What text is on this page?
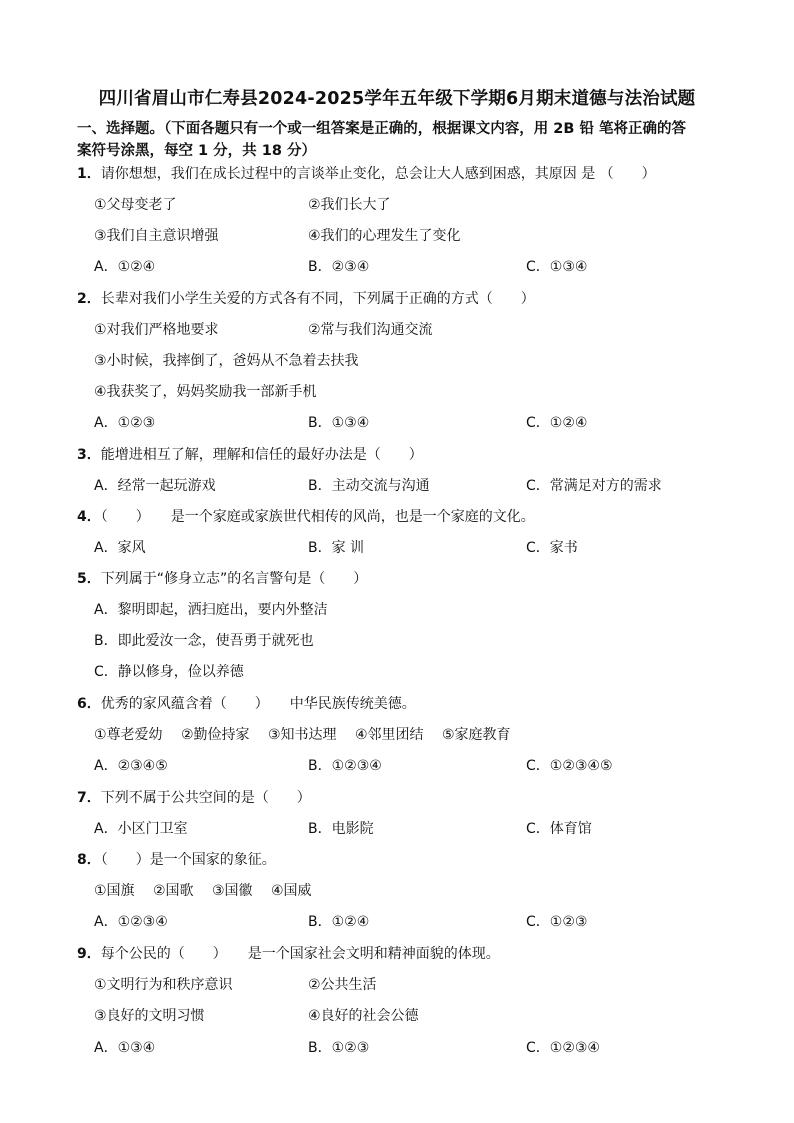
四川省眉山市仁寿县2024-2025学年五年级下学期6月期末道德与法治试题
一、选择题。（下面各题只有一个或一组答案是正确的，根据课文内容，用 2B 铅 笔将正确的答
案符号涂黑，每空 1 分，共 18 分）
1．请你想想，我们在成长过程中的言谈举止变化，总会让大人感到困惑，其原因 是 （　　）
①父母变老了	②我们长大了
③我们自主意识增强	④我们的心理发生了变化
A．①②④	B．②③④	C．①③④
2．长辈对我们小学生关爱的方式各有不同，下列属于正确的方式（　　）
①对我们严格地要求	②常与我们沟通交流
③小时候，我摔倒了，爸妈从不急着去扶我
④我获奖了，妈妈奖励我一部新手机
A．①②③	B．①③④	C．①②④
3．能增进相互了解，理解和信任的最好办法是（　　）
A．经常一起玩游戏	B．主动交流与沟通	C．常满足对方的需求
4．（　　）　　是一个家庭或家族世代相传的风尚，也是一个家庭的文化。
A．家风	B．家 训	C．家书
5．下列属于“修身立志”的名言警句是（　　）
A．黎明即起，洒扫庭出，要内外整洁
B．即此爱汝一念，使吾勇于就死也
C．静以修身，俭以养德
6．优秀的家风蕴含着（　　）　　中华民族传统美德。
①尊老爱幼　 ②勤俭持家　 ③知书达理　 ④邻里团结　 ⑤家庭教育
A．②③④⑤	B．①②③④	C．①②③④⑤
7．下列不属于公共空间的是（　　）
A．小区门卫室	B．电影院	C．体育馆
8．（　　）是一个国家的象征。
①国旗　 ②国歌　 ③国徽　 ④国威
A．①②③④	B．①②④	C．①②③
9．每个公民的（　　）　　是一个国家社会文明和精神面貌的体现。
①文明行为和秩序意识	②公共生活
③良好的文明习惯	④良好的社会公德
A．①③④	B．①②③	C．①②③④
